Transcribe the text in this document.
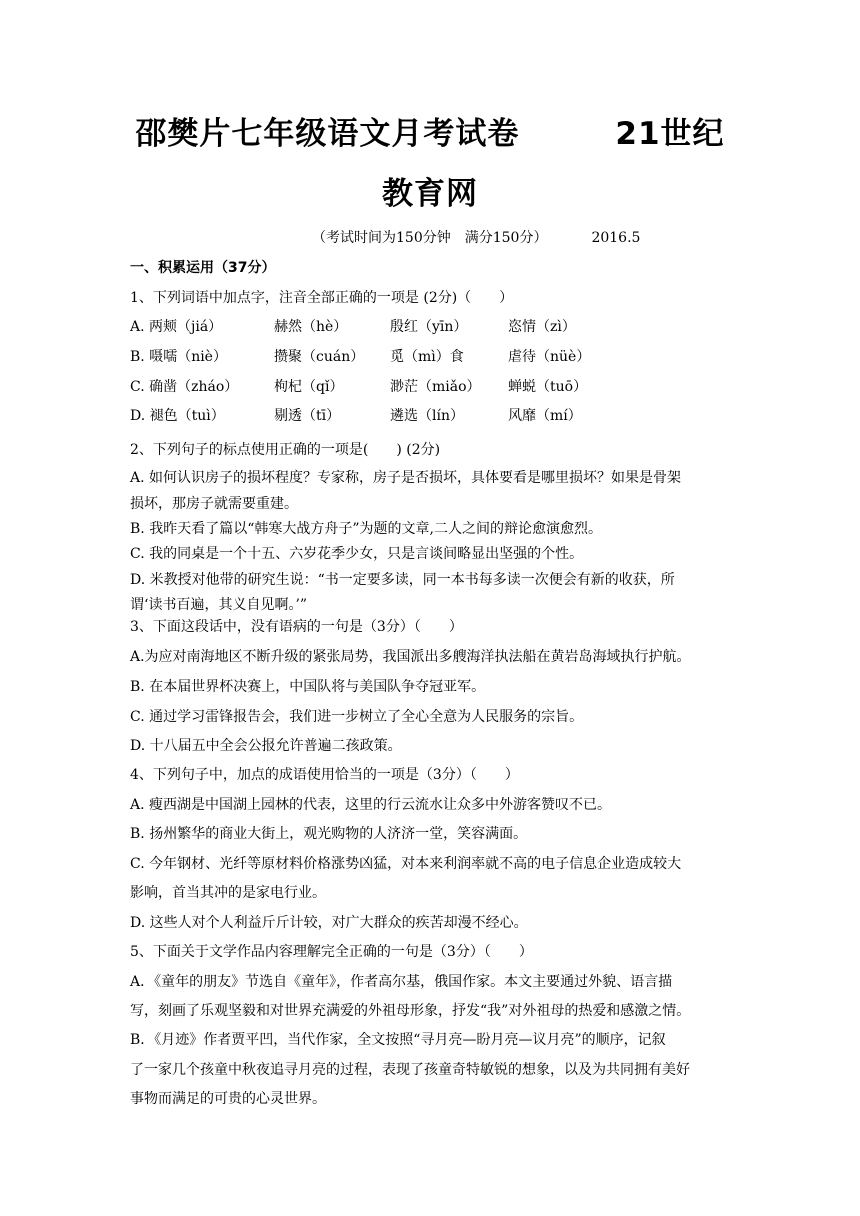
邵樊片七年级语文月考试卷	21世纪
教育网
（考试时间为150分钟　满分150分）	2016.5
一、积累运用（37分）
1、下列词语中加点字，注音全部正确的一项是 (2分)（　　）
A. 两颊（jiá）	赫然（hè）	殷红（yīn）	恣情（zì）
B. 嗫嚅（niè）	攒聚（cuán） 觅（mì）食	虐待（nüè）
C. 确凿（zháo）	枸杞（qǐ）	渺茫（miǎo） 蝉蜕（tuō）
D. 褪色（tuì）	剔透（tī）	遴选（lín）	风靡（mí）
2、下列句子的标点使用正确的一项是(　　) (2分)
A. 如何认识房子的损坏程度？专家称，房子是否损坏，具体要看是哪里损坏？如果是骨架
损坏，那房子就需要重建。
B. 我昨天看了篇以“韩寒大战方舟子”为题的文章,二人之间的辩论愈演愈烈。
C. 我的同桌是一个十五、六岁花季少女，只是言谈间略显出坚强的个性。
D. 米教授对他带的研究生说：“书一定要多读，同一本书每多读一次便会有新的收获，所
谓‘读书百遍，其义自见啊。’”
3、下面这段话中，没有语病的一句是（3分）（　　）
A.为应对南海地区不断升级的紧张局势，我国派出多艘海洋执法船在黄岩岛海域执行护航。
B. 在本届世界杯决赛上，中国队将与美国队争夺冠亚军。
C. 通过学习雷锋报告会，我们进一步树立了全心全意为人民服务的宗旨。
D. 十八届五中全会公报允许普遍二孩政策。
4、下列句子中，加点的成语使用恰当的一项是（3分）（　　）
A. 瘦西湖是中国湖上园林的代表，这里的行云流水让众多中外游客赞叹不已。
B. 扬州繁华的商业大街上，观光购物的人济济一堂，笑容满面。
C. 今年钢材、光纤等原材料价格涨势凶猛，对本来利润率就不高的电子信息企业造成较大
影响，首当其冲的是家电行业。
D. 这些人对个人利益斤斤计较，对广大群众的疾苦却漫不经心。
5、下面关于文学作品内容理解完全正确的一句是（3分）（　　）
A．《童年的朋友》节选自《童年》，作者高尔基，俄国作家。本文主要通过外貌、语言描
写，刻画了乐观坚毅和对世界充满爱的外祖母形象，抒发“我”对外祖母的热爱和感激之情。
B．《月迹》作者贾平凹，当代作家，全文按照“寻月亮—盼月亮—议月亮”的顺序，记叙
了一家几个孩童中秋夜追寻月亮的过程，表现了孩童奇特敏锐的想象，以及为共同拥有美好
事物而满足的可贵的心灵世界。
